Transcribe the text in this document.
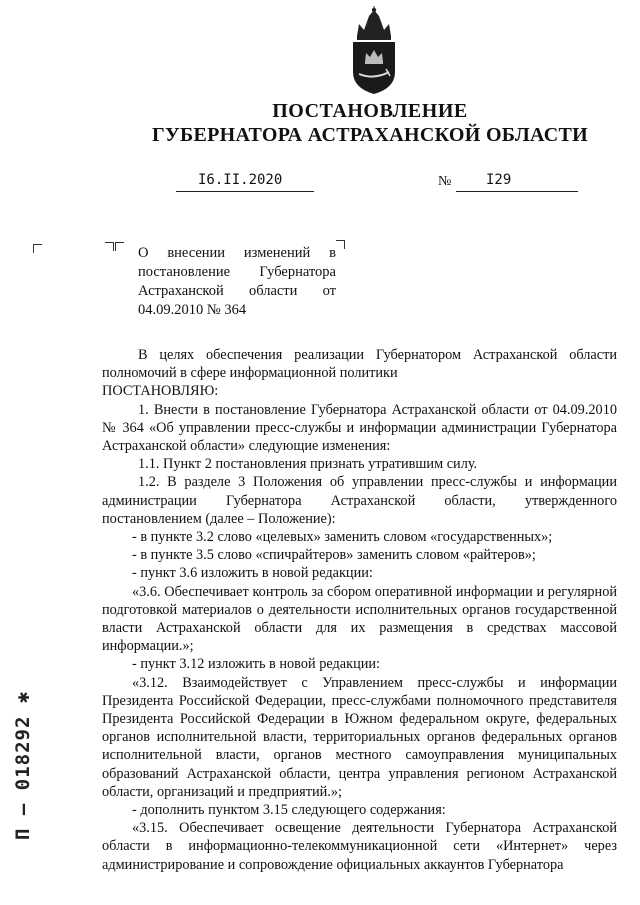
ПОСТАНОВЛЕНИЕ
ГУБЕРНАТОРА АСТРАХАНСКОЙ ОБЛАСТИ
I6.II.2020	№	I29
О внесении изменений в
постановление Губернатора
Астраханской области от
04.09.2010 № 364

В целях обеспечения реализации Губернатором Астраханской области

полномочий в сфере информационной политики

ПОСТАНОВЛЯЮ:

1. Внести в постановление Губернатора Астраханской области от 04.09.2010 № 364 «Об управлении пресс-службы и информации администрации Губернатора Астраханской области» следующие изменения:

1.1. Пункт 2 постановления признать утратившим силу.

1.2. В разделе 3 Положения об управлении пресс-службы и информации администрации Губернатора Астраханской области, утвержденного постановлением (далее – Положение):

- в пункте 3.2 слово «целевых» заменить словом «государственных»;

- в пункте 3.5 слово «спичрайтеров» заменить словом «райтеров»;

- пункт 3.6 изложить в новой редакции:

«3.6. Обеспечивает контроль за сбором оперативной информации и регулярной подготовкой материалов о деятельности исполнительных органов государственной власти Астраханской области для их размещения в средствах массовой информации.»;

- пункт 3.12 изложить в новой редакции:

«3.12. Взаимодействует с Управлением пресс-службы и информации Президента Российской Федерации, пресс-службами полномочного представителя Президента Российской Федерации в Южном федеральном округе, федеральных органов исполнительной власти, территориальных органов федеральных органов исполнительной власти, органов местного самоуправления муниципальных образований Астраханской области, центра управления регионом Астраханской области, организаций и предприятий.»;

- дополнить пунктом 3.15 следующего содержания:

«3.15. Обеспечивает освещение деятельности Губернатора Астраханской области в информационно-телекоммуникационной сети «Интернет» через администрирование и сопровождение официальных аккаунтов Губернатора

П – 018292 ✱
